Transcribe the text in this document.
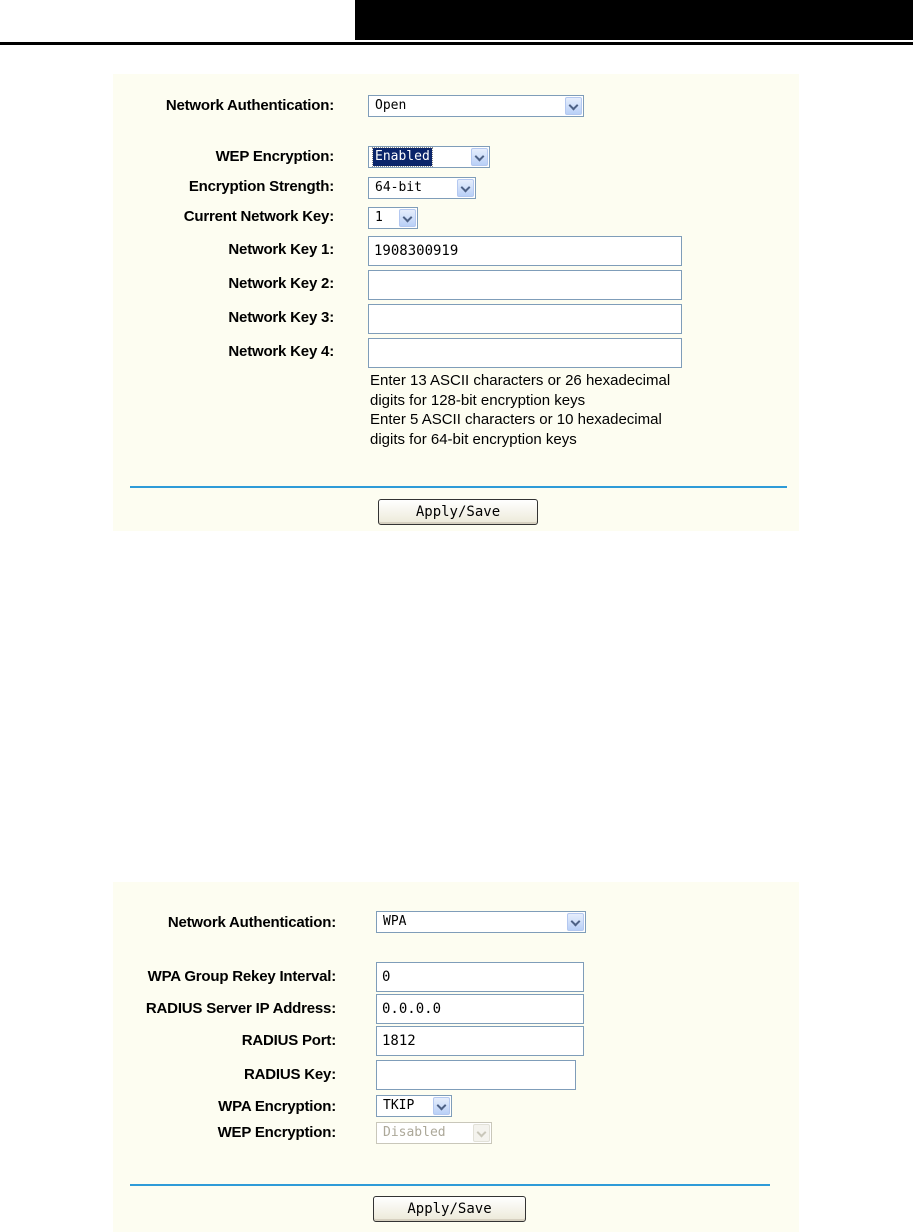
Network Authentication:	Open
WEP Encryption:	Enabled
Encryption Strength:	64-bit
Current Network Key:	1
Network Key 1:	1908300919
Network Key 2:
Network Key 3:
Network Key 4:
Enter 13 ASCII characters or 26 hexadecimal
digits for 128-bit encryption keys
Enter 5 ASCII characters or 10 hexadecimal
digits for 64-bit encryption keys
Apply/Save
Network Authentication:	WPA
WPA Group Rekey Interval:	0
RADIUS Server IP Address:	0.0.0.0
RADIUS Port:	1812
RADIUS Key:
WPA Encryption:	TKIP
WEP Encryption:	Disabled
Apply/Save
